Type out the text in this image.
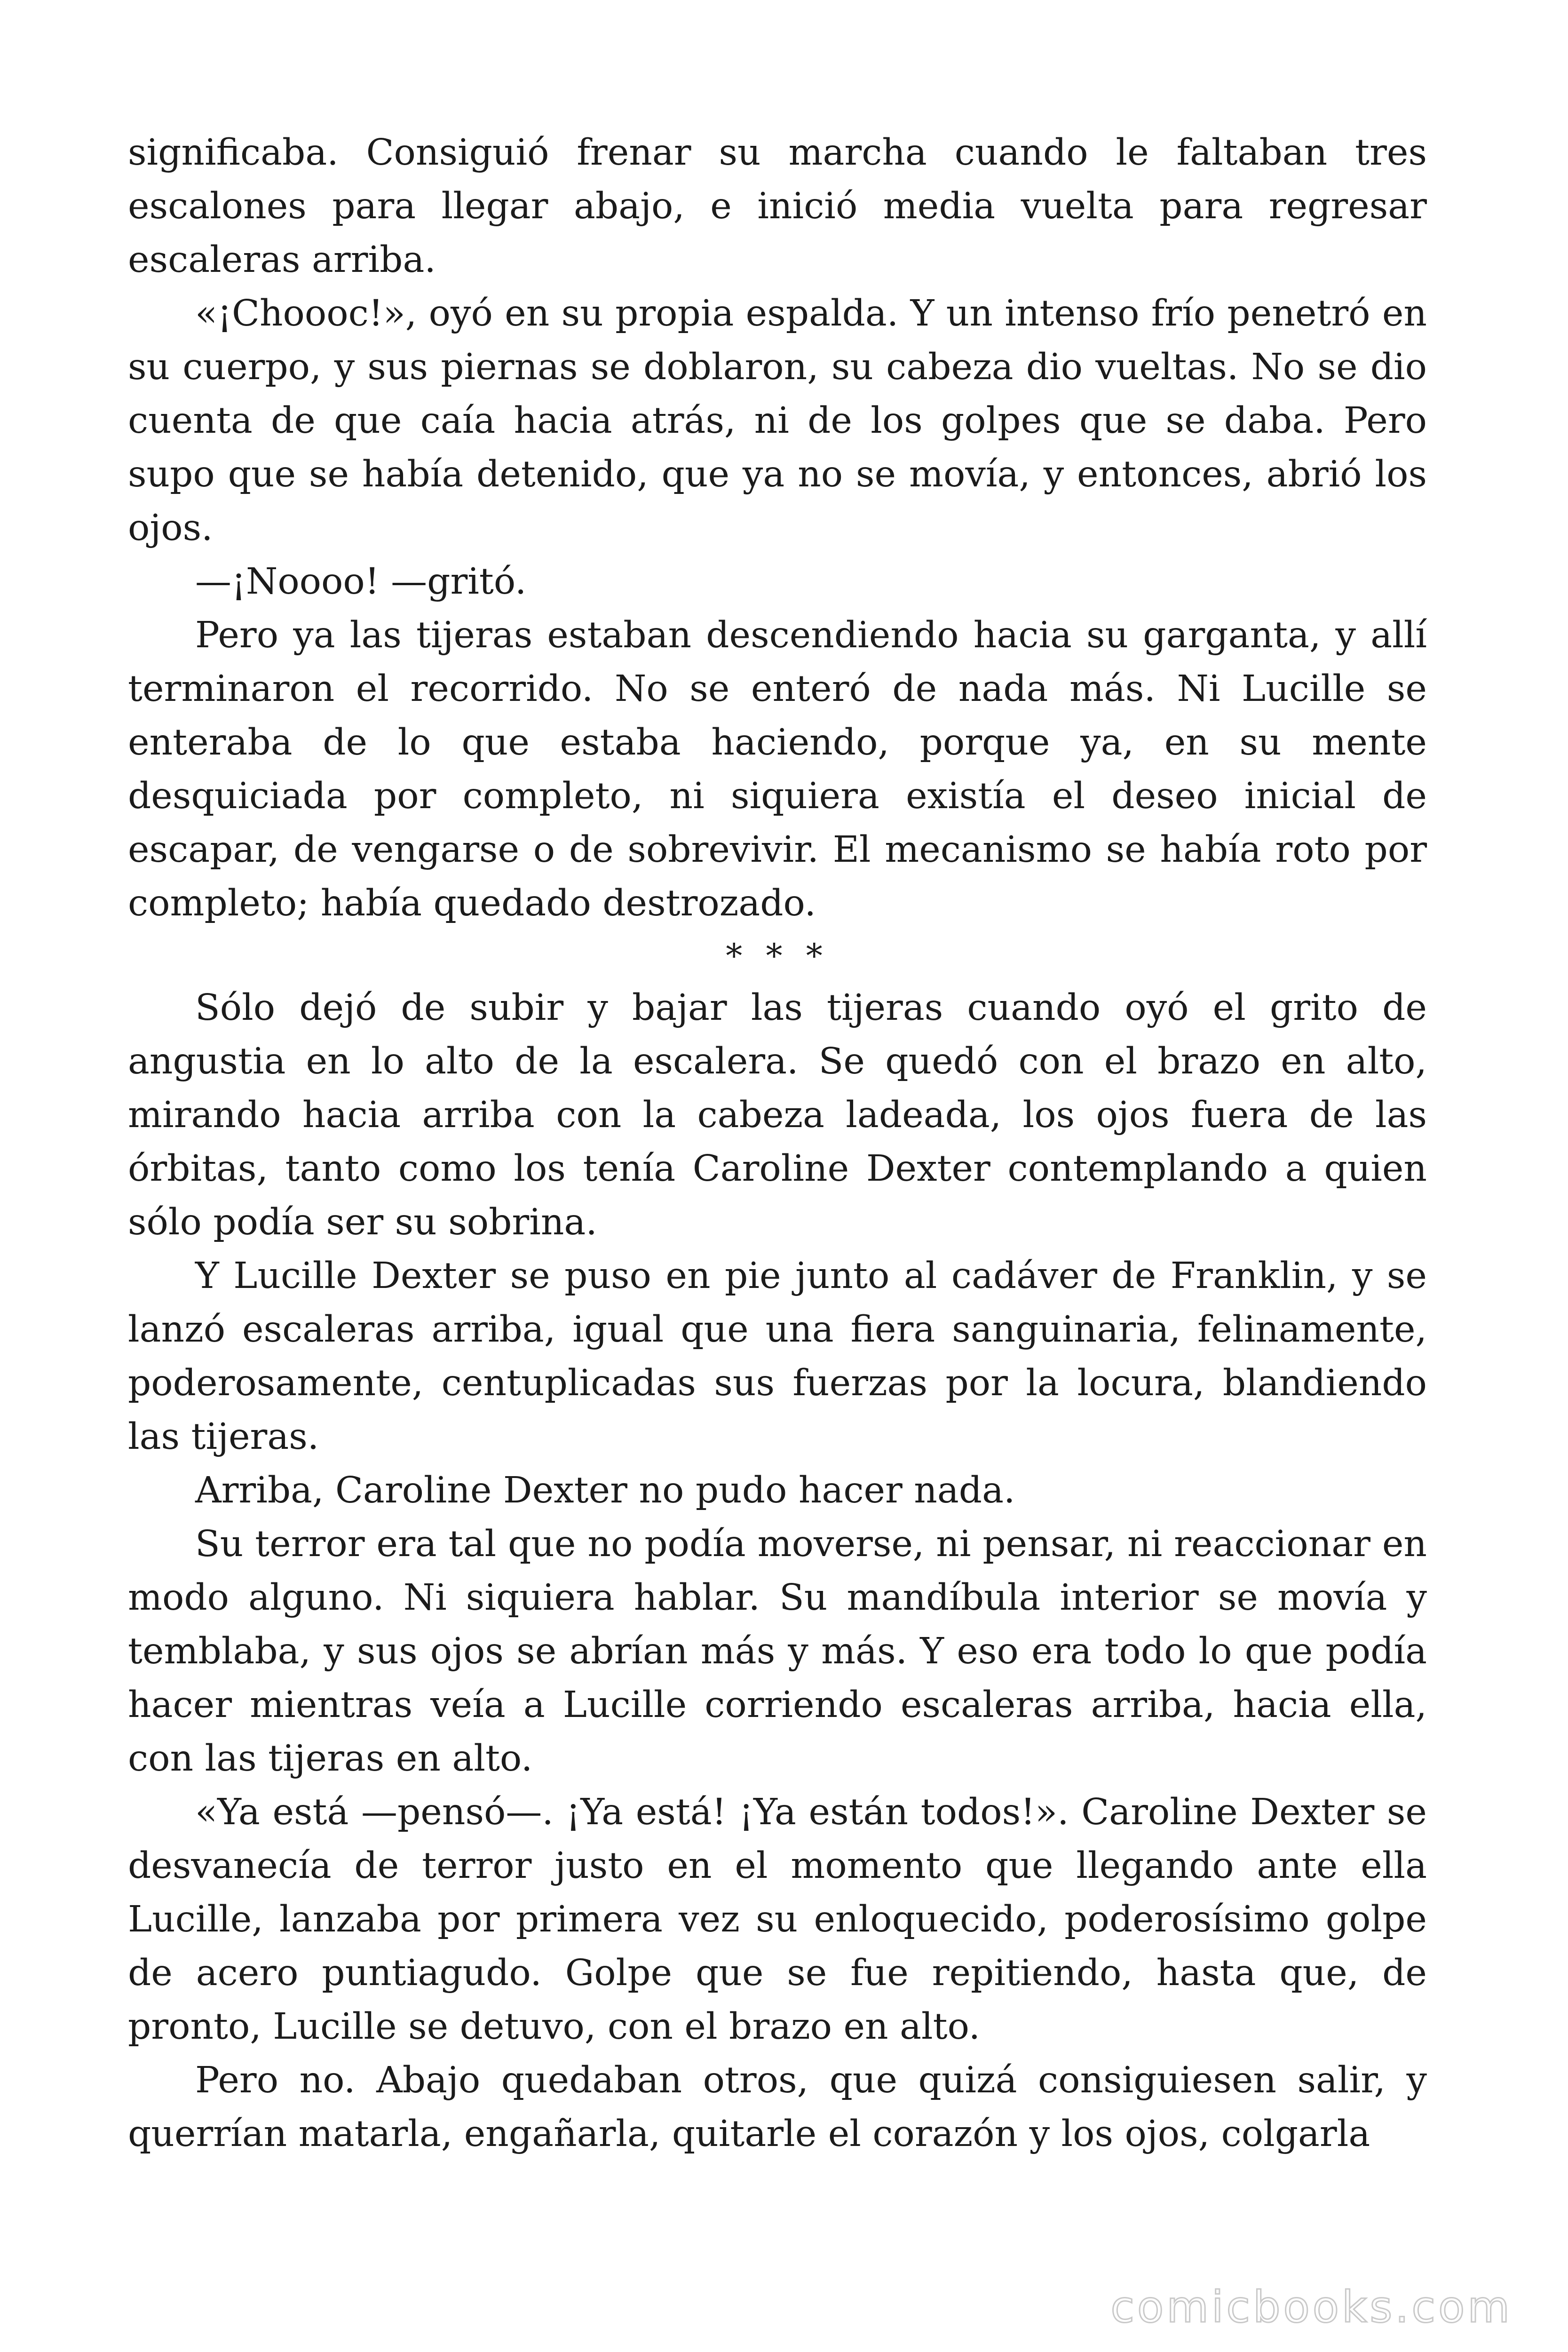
significaba. Consiguió frenar su marcha cuando le faltaban tres escalones para llegar abajo, e inició media vuelta para regresar escaleras arriba.

«¡Choooc!», oyó en su propia espalda. Y un intenso frío penetró en su cuerpo, y sus piernas se doblaron, su cabeza dio vueltas. No se dio cuenta de que caía hacia atrás, ni de los golpes que se daba. Pero supo que se había detenido, que ya no se movía, y entonces, abrió los ojos.

—¡Noooo! —gritó.

Pero ya las tijeras estaban descendiendo hacia su garganta, y allí terminaron el recorrido. No se enteró de nada más. Ni Lucille se enteraba de lo que estaba haciendo, porque ya, en su mente desquiciada por completo, ni siquiera existía el deseo inicial de escapar, de vengarse o de sobrevivir. El mecanismo se había roto por completo; había quedado destrozado.

* * *

Sólo dejó de subir y bajar las tijeras cuando oyó el grito de angustia en lo alto de la escalera. Se quedó con el brazo en alto, mirando hacia arriba con la cabeza ladeada, los ojos fuera de las órbitas, tanto como los tenía Caroline Dexter contemplando a quien sólo podía ser su sobrina.

Y Lucille Dexter se puso en pie junto al cadáver de Franklin, y se lanzó escaleras arriba, igual que una fiera sanguinaria, felinamente, poderosamente, centuplicadas sus fuerzas por la locura, blandiendo las tijeras.

Arriba, Caroline Dexter no pudo hacer nada.

Su terror era tal que no podía moverse, ni pensar, ni reaccionar en modo alguno. Ni siquiera hablar. Su mandíbula interior se movía y temblaba, y sus ojos se abrían más y más. Y eso era todo lo que podía hacer mientras veía a Lucille corriendo escaleras arriba, hacia ella, con las tijeras en alto.

«Ya está —pensó—. ¡Ya está! ¡Ya están todos!». Caroline Dexter se desvanecía de terror justo en el momento que llegando ante ella Lucille, lanzaba por primera vez su enloquecido, poderosísimo golpe de acero puntiagudo. Golpe que se fue repitiendo, hasta que, de pronto, Lucille se detuvo, con el brazo en alto.

Pero no. Abajo quedaban otros, que quizá consiguiesen salir, y querrían matarla, engañarla, quitarle el corazón y los ojos, colgarla

comicbooks.com
